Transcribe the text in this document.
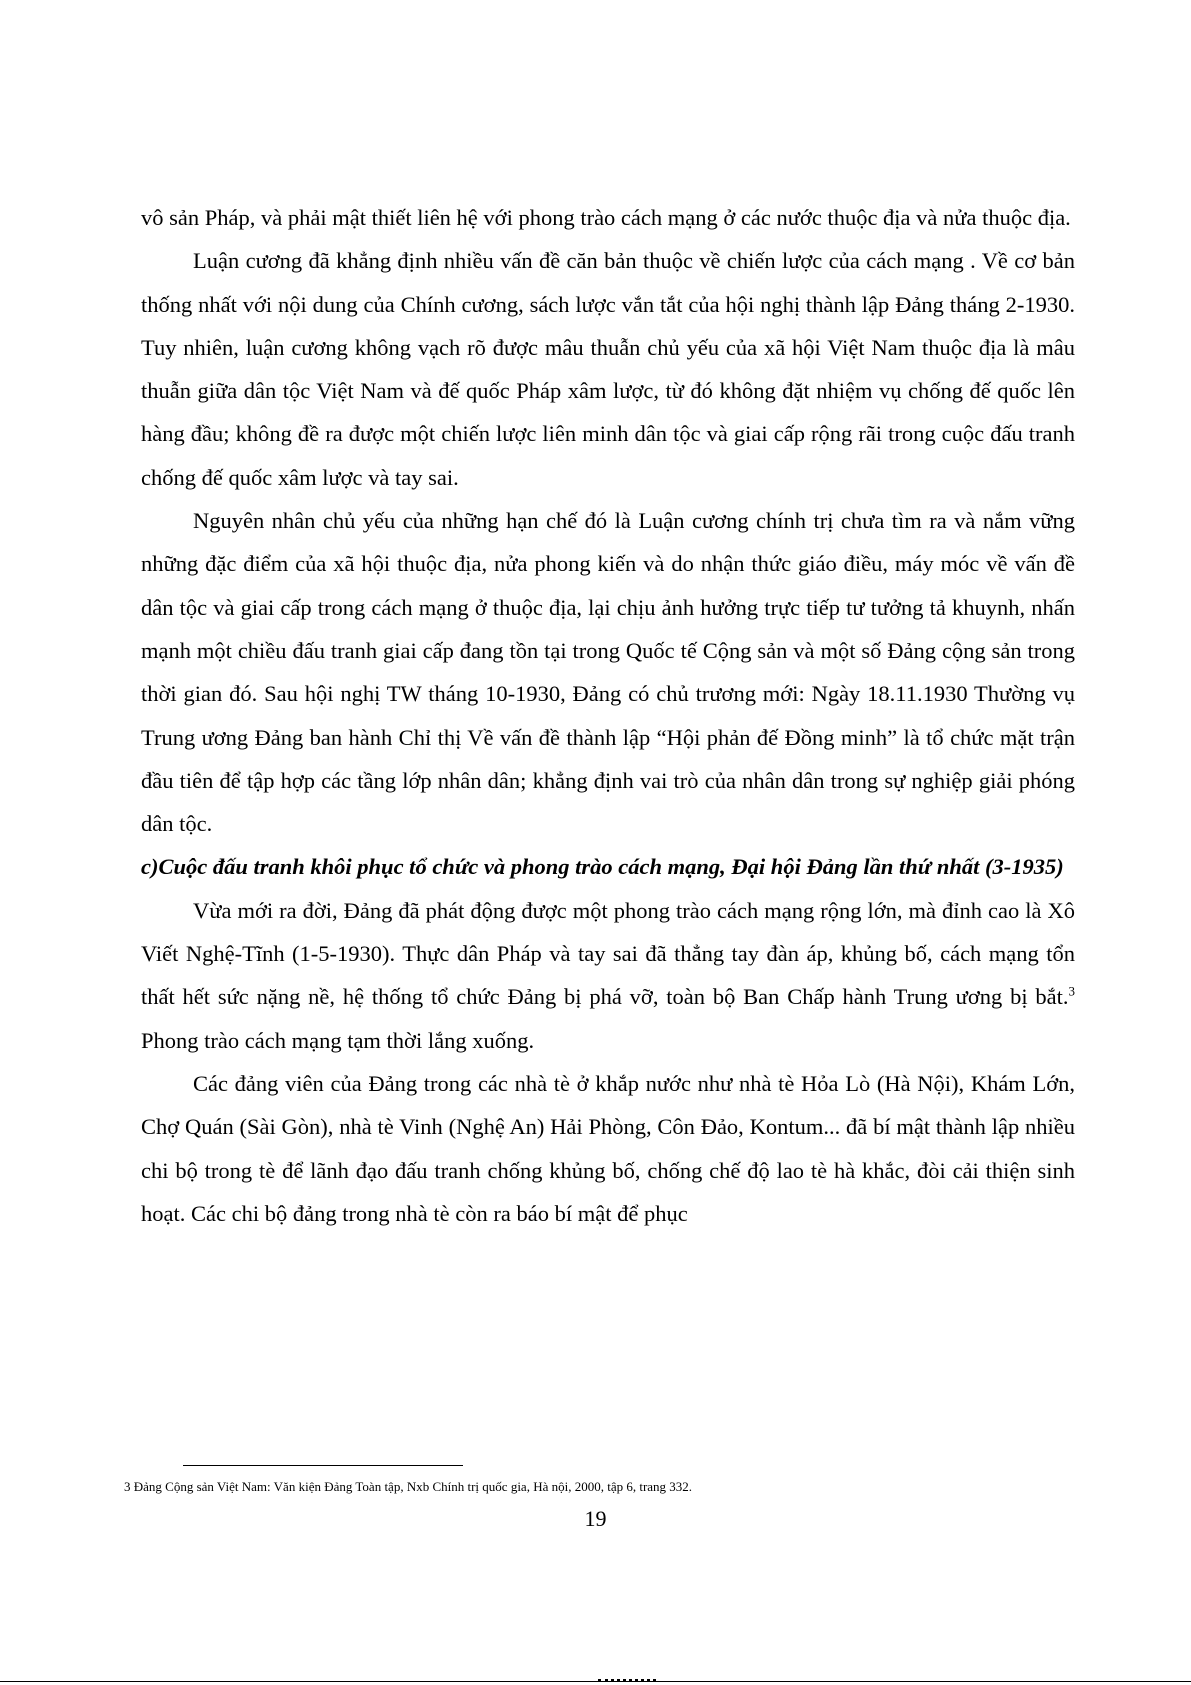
vô sản Pháp, và phải mật thiết liên hệ với phong trào cách mạng ở các nước thuộc địa và nửa thuộc địa.

Luận cương đã khẳng định nhiều vấn đề căn bản thuộc về chiến lược của cách mạng . Về cơ bản thống nhất với nội dung của Chính cương, sách lược vắn tắt của hội nghị thành lập Đảng tháng 2-1930. Tuy nhiên, luận cương không vạch rõ được mâu thuẫn chủ yếu của xã hội Việt Nam thuộc địa là mâu thuẫn giữa dân tộc Việt Nam và đế quốc Pháp xâm lược, từ đó không đặt nhiệm vụ chống đế quốc lên hàng đầu; không đề ra được một chiến lược liên minh dân tộc và giai cấp rộng rãi trong cuộc đấu tranh chống đế quốc xâm lược và tay sai.

Nguyên nhân chủ yếu của những hạn chế đó là Luận cương chính trị chưa tìm ra và nắm vững những đặc điểm của xã hội thuộc địa, nửa phong kiến và do nhận thức giáo điều, máy móc về vấn đề dân tộc và giai cấp trong cách mạng ở thuộc địa, lại chịu ảnh hưởng trực tiếp tư tưởng tả khuynh, nhấn mạnh một chiều đấu tranh giai cấp đang tồn tại trong Quốc tế Cộng sản và một số Đảng cộng sản trong thời gian đó. Sau hội nghị TW tháng 10-1930, Đảng có chủ trương mới: Ngày 18.11.1930 Thường vụ Trung ương Đảng ban hành Chỉ thị Về vấn đề thành lập “Hội phản đế Đồng minh” là tổ chức mặt trận đầu tiên để tập hợp các tầng lớp nhân dân; khẳng định vai trò của nhân dân trong sự nghiệp giải phóng dân tộc.

c)Cuộc đấu tranh khôi phục tổ chức và phong trào cách mạng, Đại hội Đảng lần thứ nhất (3-1935)

Vừa mới ra đời, Đảng đã phát động được một phong trào cách mạng rộng lớn, mà đỉnh cao là Xô Viết Nghệ-Tĩnh (1-5-1930). Thực dân Pháp và tay sai đã thẳng tay đàn áp, khủng bố, cách mạng tổn thất hết sức nặng nề, hệ thống tổ chức Đảng bị phá vỡ, toàn bộ Ban Chấp hành Trung ương bị bắt.$^3$ Phong trào cách mạng tạm thời lắng xuống.

Các đảng viên của Đảng trong các nhà tè ở khắp nước như nhà tè Hỏa Lò (Hà Nội), Khám Lớn, Chợ Quán (Sài Gòn), nhà tè Vinh (Nghệ An) Hải Phòng, Côn Đảo, Kontum... đã bí mật thành lập nhiều chi bộ trong tè để lãnh đạo đấu tranh chống khủng bố, chống chế độ lao tè hà khắc, đòi cải thiện sinh hoạt. Các chi bộ đảng trong nhà tè còn ra báo bí mật để phục

3 Đảng Cộng sản Việt Nam: Văn kiện Đảng Toàn tập, Nxb Chính trị quốc gia, Hà nội, 2000, tập 6, trang 332.
19
